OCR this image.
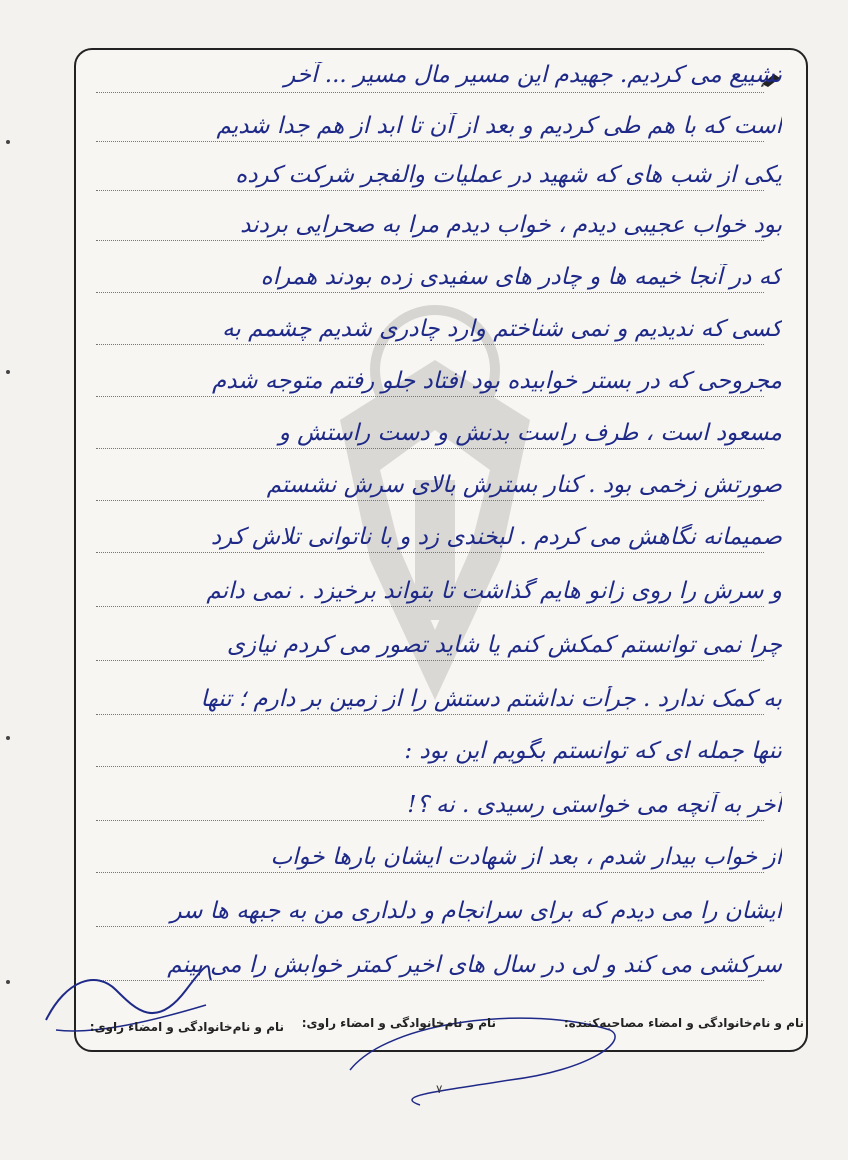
تشییع می کردیم. جهیدم این مسیر مال مسیر ... آخر
است که با هم طی کردیم و بعد از آن تا ابد از هم جدا شدیم
یکی از شب های که شهید در عملیات والفجر شرکت کرده
بود خواب عجیبی دیدم ، خواب دیدم مرا به صحرایی بردند
که در آنجا خیمه ها و چادر های سفیدی زده بودند همراه
کسی که ندیدیم و نمی شناختم وارد چادری شدیم چشمم به
مجروحی که در بستر خوابیده بود افتاد جلو رفتم متوجه شدم
مسعود است ، طرف راست بدنش و دست راستش و
صورتش زخمی بود . کنار بسترش بالای سرش نشستم
صمیمانه نگاهش می کردم . لبخندی زد و با ناتوانی تلاش کرد
و سرش را روی زانو هایم گذاشت تا بتواند برخیزد . نمی دانم
چرا نمی توانستم کمکش کنم یا شاید تصور می کردم نیازی
به کمک ندارد . جرأت نداشتم دستش را از زمین بر دارم ؛ تنها
تنها جمله ای که توانستم بگویم این بود :
آخر به آنچه می خواستی رسیدی . نه ؟!
از خواب بیدار شدم ، بعد از شهادت ایشان بارها خواب
ایشان را می دیدم که برای سرانجام و دلداری من به جبهه ها سر
سرکشی می کند و لی در سال های اخیر کمتر خوابش را می بینم
نام و نام‌خانوادگی و امضاء مصاحبه‌کننده:
نام و نام‌خانوادگی و امضاء راوی:
نام و نام‌خانوادگی و امضاء راوی:
۷
